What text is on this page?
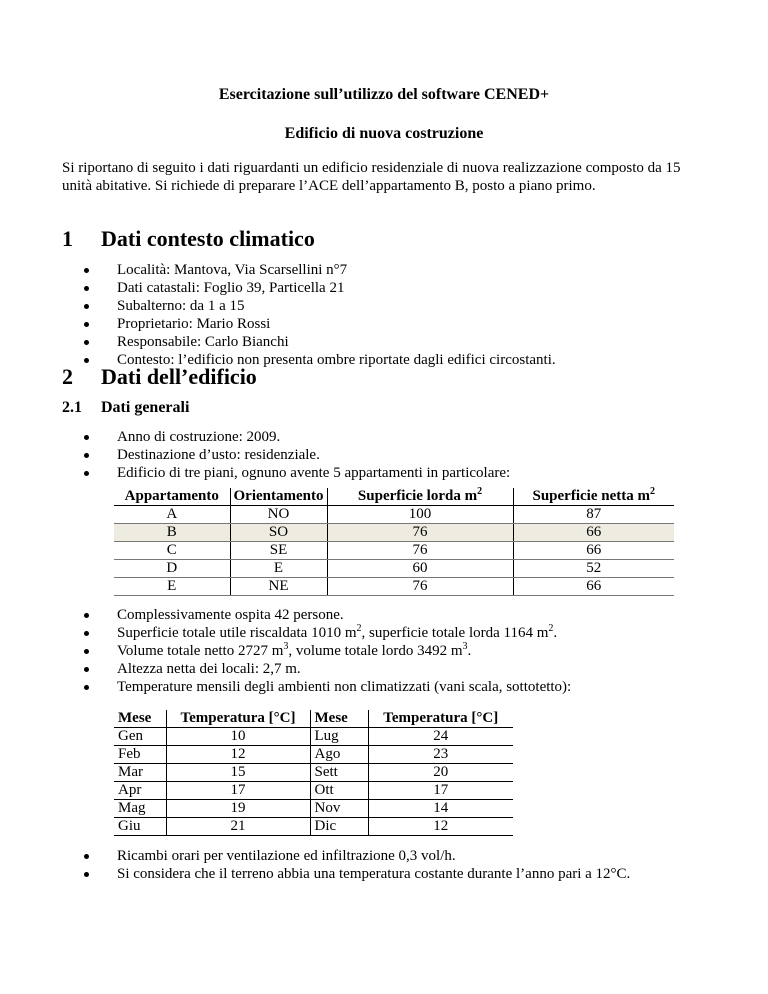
Esercitazione sull’utilizzo del software CENED+
Edificio di nuova costruzione
Si riportano di seguito i dati riguardanti un edificio residenziale di nuova realizzazione composto da 15 unità abitative. Si richiede di preparare l’ACE dell’appartamento B, posto a piano primo.
1 Dati contesto climatico
Località: Mantova, Via Scarsellini n°7
Dati catastali: Foglio 39, Particella 21
Subalterno: da 1 a 15
Proprietario: Mario Rossi
Responsabile: Carlo Bianchi
Contesto: l’edificio non presenta ombre riportate dagli edifici circostanti.
2 Dati dell’edificio
2.1 Dati generali
Anno di costruzione: 2009.
Destinazione d’usto: residenziale.
Edificio di tre piani, ognuno avente 5 appartamenti in particolare:
Appartamento	Orientamento	Superficie lorda $m^2$	Superficie netta $m^2$
A	NO	100	87
B	SO	76	66
C	SE	76	66
D	E	60	52
E	NE	76	66
Complessivamente ospita 42 persone.
Superficie totale utile riscaldata 1010 $m^2$, superficie totale lorda 1164 $m^2$.
Volume totale netto 2727 $m^3$, volume totale lordo 3492 $m^3$.
Altezza netta dei locali: 2,7 m.
Temperature mensili degli ambienti non climatizzati (vani scala, sottotetto):
Mese	Temperatura [°C]	Mese	Temperatura [°C]
Gen	10	Lug	24
Feb	12	Ago	23
Mar	15	Sett	20
Apr	17	Ott	17
Mag	19	Nov	14
Giu	21	Dic	12
Ricambi orari per ventilazione ed infiltrazione 0,3 vol/h.
Si considera che il terreno abbia una temperatura costante durante l’anno pari a 12°C.
